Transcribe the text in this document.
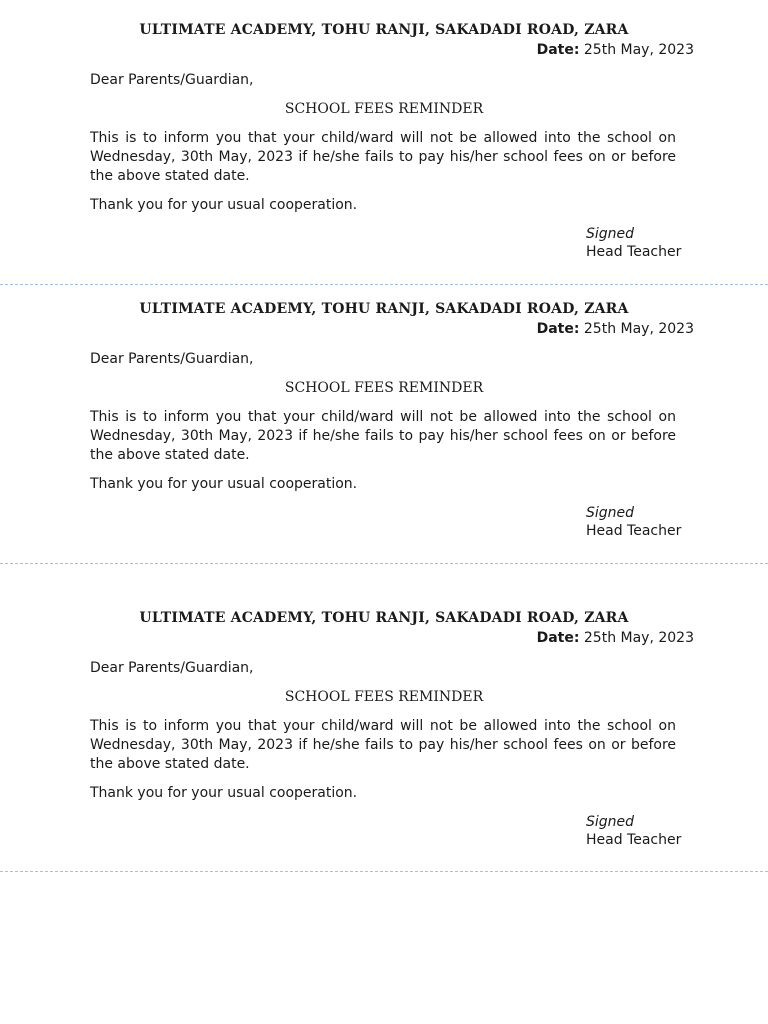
ULTIMATE ACADEMY, TOHU RANJI, SAKADADI ROAD, ZARA
Date: 25th May, 2023
Dear Parents/Guardian,
SCHOOL FEES REMINDER
This is to inform you that your child/ward will not be allowed into the school on Wednesday, 30th May, 2023 if he/she fails to pay his/her school fees on or before the above stated date.
Thank you for your usual cooperation.
Signed
Head Teacher
ULTIMATE ACADEMY, TOHU RANJI, SAKADADI ROAD, ZARA
Date: 25th May, 2023
Dear Parents/Guardian,
SCHOOL FEES REMINDER
This is to inform you that your child/ward will not be allowed into the school on Wednesday, 30th May, 2023 if he/she fails to pay his/her school fees on or before the above stated date.
Thank you for your usual cooperation.
Signed
Head Teacher
ULTIMATE ACADEMY, TOHU RANJI, SAKADADI ROAD, ZARA
Date: 25th May, 2023
Dear Parents/Guardian,
SCHOOL FEES REMINDER
This is to inform you that your child/ward will not be allowed into the school on Wednesday, 30th May, 2023 if he/she fails to pay his/her school fees on or before the above stated date.
Thank you for your usual cooperation.
Signed
Head Teacher
